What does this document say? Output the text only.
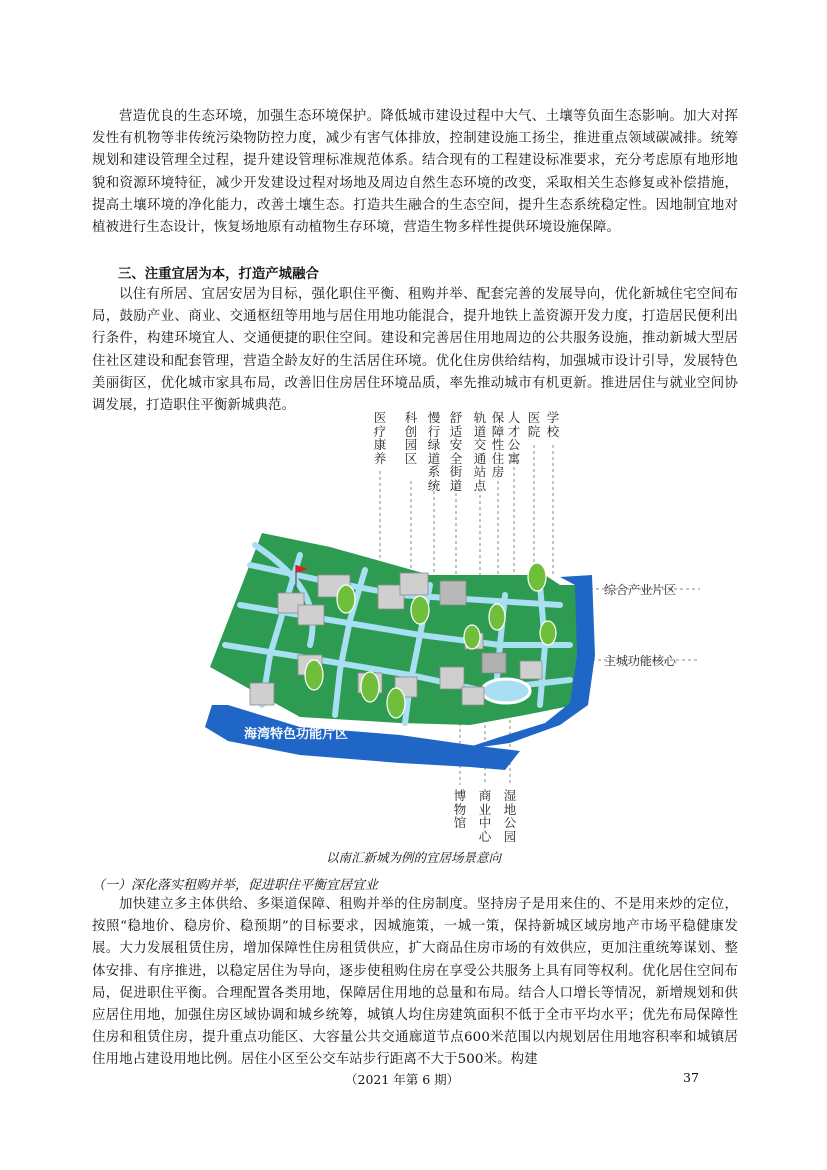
营造优良的生态环境，加强生态环境保护。降低城市建设过程中大气、土壤等负面生态影响。加大对挥发性有机物等非传统污染物防控力度，减少有害气体排放，控制建设施工扬尘，推进重点领域碳减排。统筹规划和建设管理全过程，提升建设管理标准规范体系。结合现有的工程建设标准要求，充分考虑原有地形地貌和资源环境特征，减少开发建设过程对场地及周边自然生态环境的改变，采取相关生态修复或补偿措施，提高土壤环境的净化能力，改善土壤生态。打造共生融合的生态空间，提升生态系统稳定性。因地制宜地对植被进行生态设计，恢复场地原有动植物生存环境，营造生物多样性提供环境设施保障。

三、注重宜居为本，打造产城融合

以住有所居、宜居安居为目标，强化职住平衡、租购并举、配套完善的发展导向，优化新城住宅空间布局，鼓励产业、商业、交通枢纽等用地与居住用地功能混合，提升地铁上盖资源开发力度，打造居民便利出行条件，构建环境宜人、交通便捷的职住空间。建设和完善居住用地周边的公共服务设施，推动新城大型居住社区建设和配套管理，营造全龄友好的生活居住环境。优化住房供给结构，加强城市设计引导，发展特色美丽街区，优化城市家具布局，改善旧住房居住环境品质，率先推动城市有机更新。推进居住与就业空间协调发展，打造职住平衡新城典范。

海湾特色功能片区
医疗康养
科创园区
慢行绿道系统
舒适安全街道
轨道交通站点
保障性住房
人才公寓
医院
学校
博物馆
商业中心
湿地公园
综合产业片区
主城功能核心
以南汇新城为例的宜居场景意向

（一）深化落实租购并举，促进职住平衡宜居宜业

加快建立多主体供给、多渠道保障、租购并举的住房制度。坚持房子是用来住的、不是用来炒的定位，按照“稳地价、稳房价、稳预期”的目标要求，因城施策，一城一策，保持新城区域房地产市场平稳健康发展。大力发展租赁住房，增加保障性住房租赁供应，扩大商品住房市场的有效供应，更加注重统筹谋划、整体安排、有序推进，以稳定居住为导向，逐步使租购住房在享受公共服务上具有同等权利。优化居住空间布局，促进职住平衡。合理配置各类用地，保障居住用地的总量和布局。结合人口增长等情况，新增规划和供应居住用地，加强住房区域协调和城乡统筹，城镇人均住房建筑面积不低于全市平均水平；优先布局保障性住房和租赁住房，提升重点功能区、大容量公共交通廊道节点600米范围以内规划居住用地容积率和城镇居住用地占建设用地比例。居住小区至公交车站步行距离不大于500米。构建

（2021 年第 6 期）	37
